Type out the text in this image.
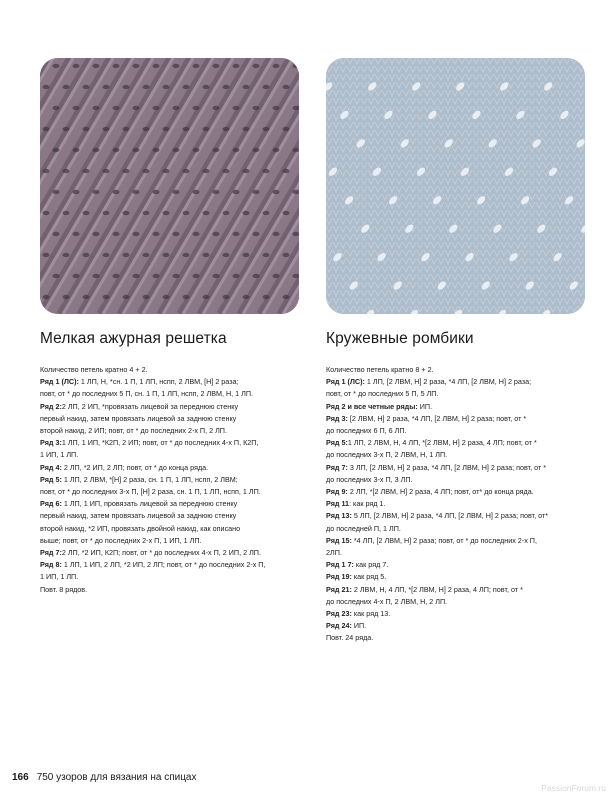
Мелкая ажурная решетка
Количество петель кратно 4 + 2.
Ряд 1 (ЛС): 1 ЛП, Н, *сн. 1 П, 1 ЛП, нспп, 2 ЛВМ, [Н] 2 раза;
повт, от * до последних 5 П, сн. 1 П, 1 ЛП, нспп, 2 ЛВМ, Н, 1 ЛП.
Ряд 2:2 ЛП, 2 ИП, *провязать лицевой за переднюю стенку
первый накид, затем провязать лицевой за заднюю стенку
второй накид, 2 ИП; повт, от * до последних 2-х П, 2 ЛП.
Ряд 3:1 ЛП, 1 ИП, *К2П, 2 ИП; повт, от * до последних 4-х П, К2П,
1 ИП, 1 ЛП.
Ряд 4: 2 ЛП, *2 ИП, 2 ЛП; повт, от * до конца ряда.
Ряд 5: 1 ЛП, 2 ЛВМ, *[Н] 2 раза, сн. 1 П, 1 ЛП, нспп, 2 ЛВМ;
повт, от * до последних 3-х П, [Н] 2 раза, сн. 1 П, 1 ЛП, нспп, 1 ЛП.
Ряд 6: 1 ЛП, 1 ИП, провязать лицевой за переднюю стенку
первый накид, затем провязать лицевой за заднюю стенку
второй накид, *2 ИП, провязать двойной накид, как описано
выше; повт, от * до последних 2-х П, 1 ИП, 1 ЛП.
Ряд 7:2 ЛП, *2 ИП, К2П; повт, от * до последних 4-х П, 2 ИП, 2 ЛП.
Ряд 8: 1 ЛП, 1 ИП, 2 ЛП, *2 ИП, 2 ЛП; повт, от * до последних 2-х П,
1 ИП, 1 ЛП.
Повт. 8 рядов.
Кружевные ромбики
Количество петель кратно 8 + 2.
Ряд 1 (ЛС): 1 ЛП, [2 ЛВМ, Н] 2 раза, *4 ЛП, [2 ЛВМ, Н] 2 раза;
повт, от * до последних 5 П, 5 ЛП.
Ряд 2 и все четные ряды: ИП.
Ряд 3: [2 ЛВМ, Н] 2 раза, *4 ЛП, [2 ЛВМ, Н] 2 раза; повт, от *
до последних 6 П, 6 ЛП.
Ряд 5:1 ЛП, 2 ЛВМ, Н, 4 ЛП, *[2 ЛВМ, Н] 2 раза, 4 ЛП; повт, от *
до последних 3-х П, 2 ЛВМ, Н, 1 ЛП.
Ряд 7: 3 ЛП, [2 ЛВМ, Н] 2 раза, *4 ЛП, [2 ЛВМ, Н] 2 раза; повт, от *
до последних 3-х П, 3 ЛП.
Ряд 9: 2 ЛП, *[2 ЛВМ, Н] 2 раза, 4 ЛП; повт, от* до конца ряда.
Ряд 11: как ряд 1.
Ряд 13: 5 ЛП, [2 ЛВМ, Н] 2 раза, *4 ЛП, [2 ЛВМ, Н] 2 раза; повт, от*
до последней П, 1 ЛП.
Ряд 15: *4 ЛП, [2 ЛВМ, Н] 2 раза; повт, от * до последних 2-х П,
2ЛП.
Ряд 1 7: как ряд 7.
Ряд 19: как ряд 5.
Ряд 21: 2 ЛВМ, Н, 4 ЛП, *[2 ЛВМ, Н] 2 раза, 4 ЛП; повт, от *
до последних 4-х П, 2 ЛВМ, Н, 2 ЛП.
Ряд 23: как ряд 13.
Ряд 24: ИП.
Повт. 24 ряда.
166 750 узоров для вязания на спицах
PassionForum.ru
